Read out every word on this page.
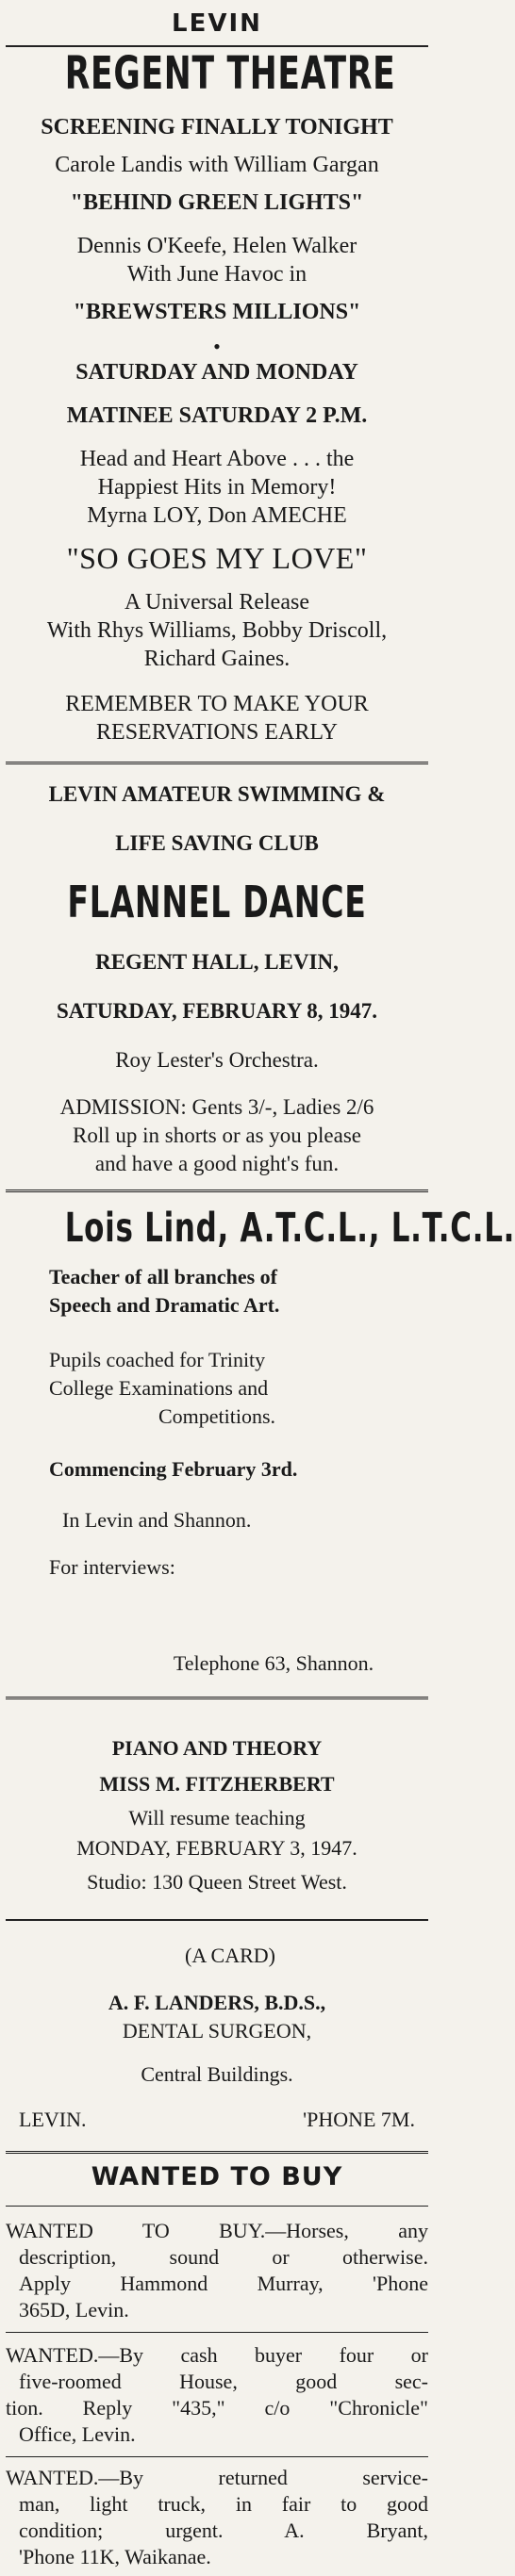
LEVIN
REGENT THEATRE
SCREENING FINALLY TONIGHT
Carole Landis with William Gargan
"BEHIND GREEN LIGHTS"
Dennis O'Keefe, Helen Walker
With June Havoc in
"BREWSTERS MILLIONS"
•
SATURDAY AND MONDAY
MATINEE SATURDAY 2 P.M.
Head and Heart Above . . . the
Happiest Hits in Memory!
Myrna LOY, Don AMECHE
"SO GOES MY LOVE"
A Universal Release
With Rhys Williams, Bobby Driscoll,
Richard Gaines.
REMEMBER TO MAKE YOUR
RESERVATIONS EARLY
LEVIN AMATEUR SWIMMING &
LIFE SAVING CLUB
FLANNEL DANCE
REGENT HALL, LEVIN,
SATURDAY, FEBRUARY 8, 1947.
Roy Lester's Orchestra.
ADMISSION: Gents 3/-, Ladies 2/6
Roll up in shorts or as you please
and have a good night's fun.
Lois Lind, A.T.C.L., L.T.C.L.
Teacher of all branches of
Speech and Dramatic Art.
Pupils coached for Trinity
College Examinations and
Competitions.
Commencing February 3rd.
In Levin and Shannon.
For interviews:
Telephone 63, Shannon.
PIANO AND THEORY
MISS M. FITZHERBERT
Will resume teaching
MONDAY, FEBRUARY 3, 1947.
Studio: 130 Queen Street West.
(A CARD)
A. F. LANDERS, B.D.S.,
DENTAL SURGEON,
Central Buildings.
LEVIN.	'PHONE 7M.
WANTED TO BUY
WANTED TO BUY.—Horses, any
description, sound or otherwise.
Apply Hammond Murray, 'Phone
365D, Levin.
WANTED.—By cash buyer four or
five-roomed House, good sec-
tion. Reply "435," c/o "Chronicle"
Office, Levin.
WANTED.—By returned service-
man, light truck, in fair to good
condition; urgent. A. Bryant,
'Phone 11K, Waikanae.
